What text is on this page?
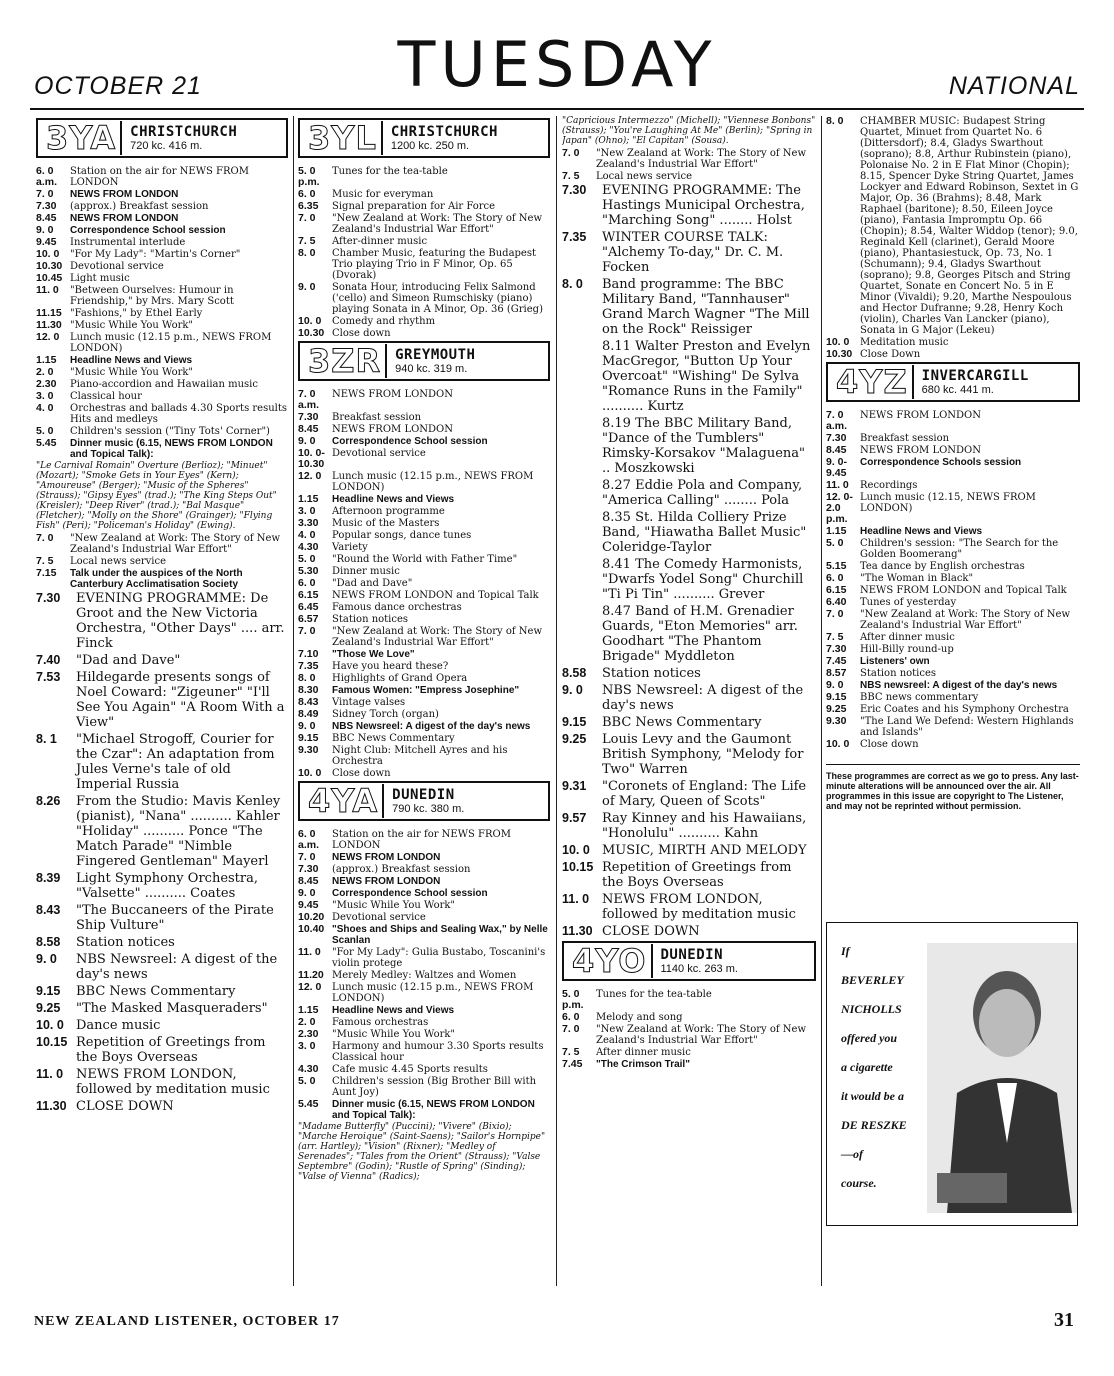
OCTOBER 21	TUESDAY	NATIONAL
3YA	CHRISTCHURCH
720 kc. 416 m.
6. 0 a.m.
Station on the air for NEWS FROM LONDON
7. 0	NEWS FROM LONDON
7.30	(approx.) Breakfast session
8.45	NEWS FROM LONDON
9. 0	Correspondence School session
9.45	Instrumental interlude
10. 0	"For My Lady": "Martin's Corner"
10.30 Devotional service
10.45 Light music
11. 0	"Between Ourselves: Humour in Friendship," by Mrs. Mary Scott
11.15 "Fashions," by Ethel Early
11.30 "Music While You Work"
12. 0	Lunch music (12.15 p.m., NEWS FROM LONDON)
1.15	Headline News and Views
2. 0	"Music While You Work"
2.30	Piano-accordion and Hawaiian music
3. 0	Classical hour
4. 0	Orchestras and ballads 4.30 Sports results Hits and medleys
5. 0	Children's session ("Tiny Tots' Corner")
5.45	Dinner music (6.15, NEWS FROM LONDON and Topical Talk):
"Le Carnival Romain" Overture (Berlioz); "Minuet" (Mozart); "Smoke Gets in Your Eyes" (Kern); "Amoureuse" (Berger); "Music of the Spheres" (Strauss); "Gipsy Eyes" (trad.); "The King Steps Out" (Kreisler); "Deep River" (trad.); "Bal Masque" (Fletcher); "Molly on the Shore" (Grainger); "Flying Fish" (Peri); "Policeman's Holiday" (Ewing).
7. 0	"New Zealand at Work: The Story of New Zealand's Industrial War Effort"
7. 5	Local news service
7.15	Talk under the auspices of the North Canterbury Acclimatisation Society
7.30	EVENING PROGRAMME: De Groot and the New Victoria Orchestra, "Other Days" .... arr. Finck
7.40	"Dad and Dave"
7.53	Hildegarde presents songs of Noel Coward: "Zigeuner" "I'll See You Again" "A Room With a View"
8. 1	"Michael Strogoff, Courier for the Czar": An adaptation from Jules Verne's tale of old Imperial Russia
8.26	From the Studio: Mavis Kenley (pianist), "Nana" .......... Kahler "Holiday" .......... Ponce "The Match Parade" "Nimble Fingered Gentleman" Mayerl
8.39	Light Symphony Orchestra, "Valsette" .......... Coates
8.43	"The Buccaneers of the Pirate Ship Vulture"
8.58	Station notices
9. 0	NBS Newsreel: A digest of the day's news
9.15	BBC News Commentary
9.25	"The Masked Masqueraders"
10. 0 Dance music
10.15 Repetition of Greetings from the Boys Overseas
11. 0 NEWS FROM LONDON, followed by meditation music
11.30 CLOSE DOWN
3YL	CHRISTCHURCH
1200 kc. 250 m.
5. 0 p.m.
Tunes for the tea-table
6. 0	Music for everyman
6.35	Signal preparation for Air Force
7. 0	"New Zealand at Work: The Story of New Zealand's Industrial War Effort"
7. 5	After-dinner music
8. 0	Chamber Music, featuring the Budapest Trio playing Trio in F Minor, Op. 65 (Dvorak)
9. 0	Sonata Hour, introducing Felix Salmond ('cello) and Simeon Rumschisky (piano) playing Sonata in A Minor, Op. 36 (Grieg)
10. 0	Comedy and rhythm
10.30 Close down
3ZR	GREYMOUTH
940 kc. 319 m.
7. 0 a.m.
NEWS FROM LONDON
7.30	Breakfast session
8.45	NEWS FROM LONDON
9. 0	Correspondence School session
10. 0-10.30
Devotional service
12. 0	Lunch music (12.15 p.m., NEWS FROM LONDON)
1.15	Headline News and Views
3. 0	Afternoon programme
3.30	Music of the Masters
4. 0	Popular songs, dance tunes
4.30	Variety
5. 0	"Round the World with Father Time"
5.30	Dinner music
6. 0	"Dad and Dave"
6.15	NEWS FROM LONDON and Topical Talk
6.45	Famous dance orchestras
6.57	Station notices
7. 0	"New Zealand at Work: The Story of New Zealand's Industrial War Effort"
7.10	"Those We Love"
7.35	Have you heard these?
8. 0	Highlights of Grand Opera
8.30	Famous Women: "Empress Josephine"
8.43	Vintage valses
8.49	Sidney Torch (organ)
9. 0	NBS Newsreel: A digest of the day's news
9.15	BBC News Commentary
9.30	Night Club: Mitchell Ayres and his Orchestra
10. 0	Close down
4YA	DUNEDIN
790 kc. 380 m.
6. 0 a.m.
Station on the air for NEWS FROM LONDON
7. 0	NEWS FROM LONDON
7.30	(approx.) Breakfast session
8.45	NEWS FROM LONDON
9. 0	Correspondence School session
9.45	"Music While You Work"
10.20 Devotional service
10.40 "Shoes and Ships and Sealing Wax," by Nelle Scanlan
11. 0	"For My Lady": Gulia Bustabo, Toscanini's violin protege
11.20 Merely Medley: Waltzes and Women
12. 0	Lunch music (12.15 p.m., NEWS FROM LONDON)
1.15	Headline News and Views
2. 0	Famous orchestras
2.30	"Music While You Work"
3. 0	Harmony and humour 3.30 Sports results Classical hour
4.30	Cafe music 4.45 Sports results
5. 0	Children's session (Big Brother Bill with Aunt Joy)
5.45	Dinner music (6.15, NEWS FROM LONDON and Topical Talk):
"Madame Butterfly" (Puccini); "Vivere" (Bixio); "Marche Heroique" (Saint-Saens); "Sailor's Hornpipe" (arr. Hartley); "Vision" (Rixner); "Medley of Serenades"; "Tales from the Orient" (Strauss); "Valse Septembre" (Godin); "Rustle of Spring" (Sinding); "Valse of Vienna" (Radics);
"Capricious Intermezzo" (Michell); "Viennese Bonbons" (Strauss); "You're Laughing At Me" (Berlin); "Spring in Japan" (Ohno); "El Capitan" (Sousa).
7. 0	"New Zealand at Work: The Story of New Zealand's Industrial War Effort"
7. 5	Local news service
7.30	EVENING PROGRAMME: The Hastings Municipal Orchestra, "Marching Song" ........ Holst
7.35	WINTER COURSE TALK: "Alchemy To-day," Dr. C. M. Focken
8. 0	Band programme: The BBC Military Band, "Tannhauser" Grand March Wagner "The Mill on the Rock" Reissiger
8.11 Walter Preston and Evelyn MacGregor, "Button Up Your Overcoat" "Wishing" De Sylva "Romance Runs in the Family" .......... Kurtz
8.19 The BBC Military Band, "Dance of the Tumblers" Rimsky-Korsakov "Malaguena" .. Moszkowski
8.27 Eddie Pola and Company, "America Calling" ........ Pola
8.35 St. Hilda Colliery Prize Band, "Hiawatha Ballet Music" Coleridge-Taylor
8.41 The Comedy Harmonists, "Dwarfs Yodel Song" Churchill "Ti Pi Tin" .......... Grever
8.47 Band of H.M. Grenadier Guards, "Eton Memories" arr. Goodhart "The Phantom Brigade" Myddleton
8.58	Station notices
9. 0	NBS Newsreel: A digest of the day's news
9.15	BBC News Commentary
9.25	Louis Levy and the Gaumont British Symphony, "Melody for Two" Warren
9.31	"Coronets of England: The Life of Mary, Queen of Scots"
9.57	Ray Kinney and his Hawaiians, "Honolulu" .......... Kahn
10. 0 MUSIC, MIRTH AND MELODY
10.15 Repetition of Greetings from the Boys Overseas
11. 0 NEWS FROM LONDON, followed by meditation music
11.30 CLOSE DOWN
4YO	DUNEDIN
1140 kc. 263 m.
5. 0 p.m.
Tunes for the tea-table
6. 0	Melody and song
7. 0	"New Zealand at Work: The Story of New Zealand's Industrial War Effort"
7. 5	After dinner music
7.45	"The Crimson Trail"
8. 0	CHAMBER MUSIC: Budapest String Quartet, Minuet from Quartet No. 6 (Dittersdorf); 8.4, Gladys Swarthout (soprano); 8.8, Arthur Rubinstein (piano), Polonaise No. 2 in E Flat Minor (Chopin); 8.15, Spencer Dyke String Quartet, James Lockyer and Edward Robinson, Sextet in G Major, Op. 36 (Brahms); 8.48, Mark Raphael (baritone); 8.50, Eileen Joyce (piano), Fantasia Impromptu Op. 66 (Chopin); 8.54, Walter Widdop (tenor); 9.0, Reginald Kell (clarinet), Gerald Moore (piano), Phantasiestuck, Op. 73, No. 1 (Schumann); 9.4, Gladys Swarthout (soprano); 9.8, Georges Pitsch and String Quartet, Sonate en Concert No. 5 in E Minor (Vivaldi); 9.20, Marthe Nespoulous and Hector Dufranne; 9.28, Henry Koch (violin), Charles Van Lancker (piano), Sonata in G Major (Lekeu)
10. 0	Meditation music
10.30 Close Down
4YZ	INVERCARGILL
680 kc. 441 m.
7. 0 a.m.
NEWS FROM LONDON
7.30	Breakfast session
8.45	NEWS FROM LONDON
9. 0-9.45
Correspondence Schools session
11. 0	Recordings
12. 0-2.0 p.m.
Lunch music (12.15, NEWS FROM LONDON)
1.15	Headline News and Views
5. 0	Children's session: "The Search for the Golden Boomerang"
5.15	Tea dance by English orchestras
6. 0	"The Woman in Black"
6.15	NEWS FROM LONDON and Topical Talk
6.40	Tunes of yesterday
7. 0	"New Zealand at Work: The Story of New Zealand's Industrial War Effort"
7. 5	After dinner music
7.30	Hill-Billy round-up
7.45	Listeners' own
8.57	Station notices
9. 0	NBS newsreel: A digest of the day's news
9.15	BBC news commentary
9.25	Eric Coates and his Symphony Orchestra
9.30	"The Land We Defend: Western Highlands and Islands"
10. 0	Close down
These programmes are correct as we go to press. Any last-minute alterations will be announced over the air. All programmes in this issue are copyright to The Listener, and may not be reprinted without permission.
If
BEVERLEY
NICHOLLS
offered you
a cigarette
it would be a
DE RESZKE
—of
course.
NEW ZEALAND LISTENER, OCTOBER 17	31
